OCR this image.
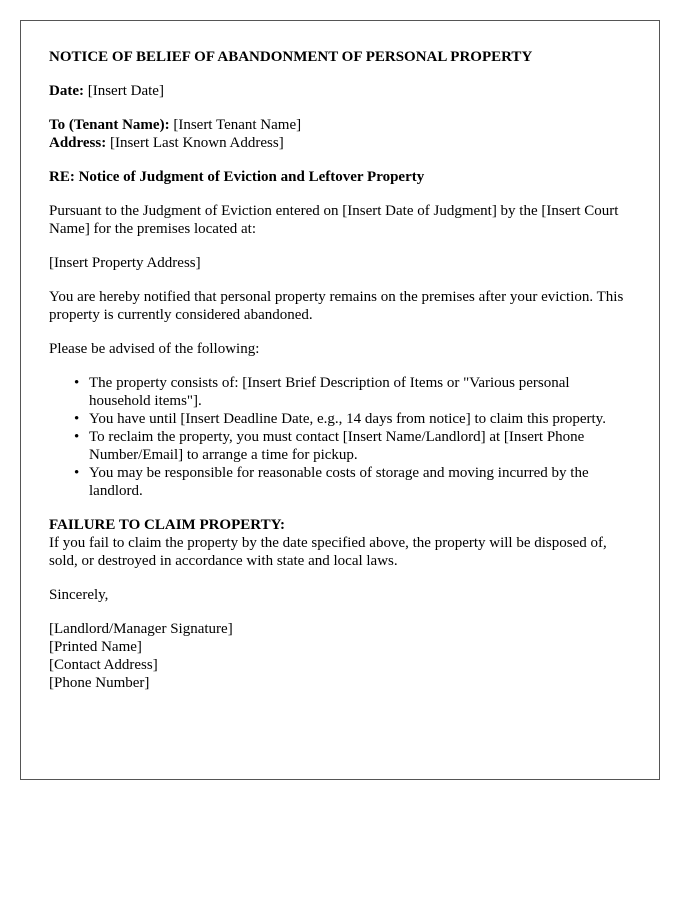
NOTICE OF BELIEF OF ABANDONMENT OF PERSONAL PROPERTY

Date: [Insert Date]

To (Tenant Name): [Insert Tenant Name]

Address: [Insert Last Known Address]

RE: Notice of Judgment of Eviction and Leftover Property

Pursuant to the Judgment of Eviction entered on [Insert Date of Judgment] by the [Insert Court Name] for the premises located at:

[Insert Property Address]

You are hereby notified that personal property remains on the premises after your eviction. This property is currently considered abandoned.

Please be advised of the following:

• The property consists of: [Insert Brief Description of Items or "Various personal household items"].
• You have until [Insert Deadline Date, e.g., 14 days from notice] to claim this property.
• To reclaim the property, you must contact [Insert Name/Landlord] at [Insert Phone Number/Email] to arrange a time for pickup.
• You may be responsible for reasonable costs of storage and moving incurred by the landlord.

FAILURE TO CLAIM PROPERTY:

If you fail to claim the property by the date specified above, the property will be disposed of, sold, or destroyed in accordance with state and local laws.

Sincerely,

[Landlord/Manager Signature]

[Printed Name]

[Contact Address]

[Phone Number]
